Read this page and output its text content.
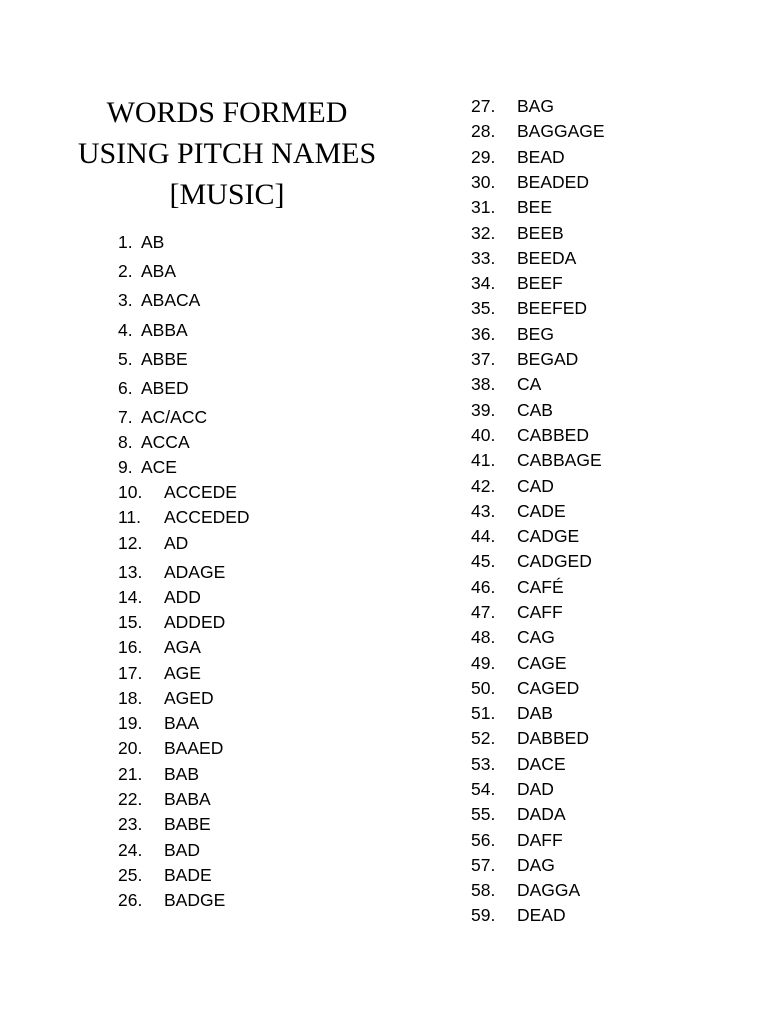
WORDS FORMED
USING PITCH NAMES
[MUSIC]
1. AB
2. ABA
3. ABACA
4. ABBA
5. ABBE
6. ABED
7. AC/ACC
8. ACCA
9. ACE
10. ACCEDE
11. ACCEDED
12. AD
13. ADAGE
14. ADD
15. ADDED
16. AGA
17. AGE
18. AGED
19. BAA
20. BAAED
21. BAB
22. BABA
23. BABE
24. BAD
25. BADE
26. BADGE
27. BAG
28. BAGGAGE
29. BEAD
30. BEADED
31. BEE
32. BEEB
33. BEEDA
34. BEEF
35. BEEFED
36. BEG
37. BEGAD
38. CA
39. CAB
40. CABBED
41. CABBAGE
42. CAD
43. CADE
44. CADGE
45. CADGED
46. CAFÉ
47. CAFF
48. CAG
49. CAGE
50. CAGED
51. DAB
52. DABBED
53. DACE
54. DAD
55. DADA
56. DAFF
57. DAG
58. DAGGA
59. DEAD
